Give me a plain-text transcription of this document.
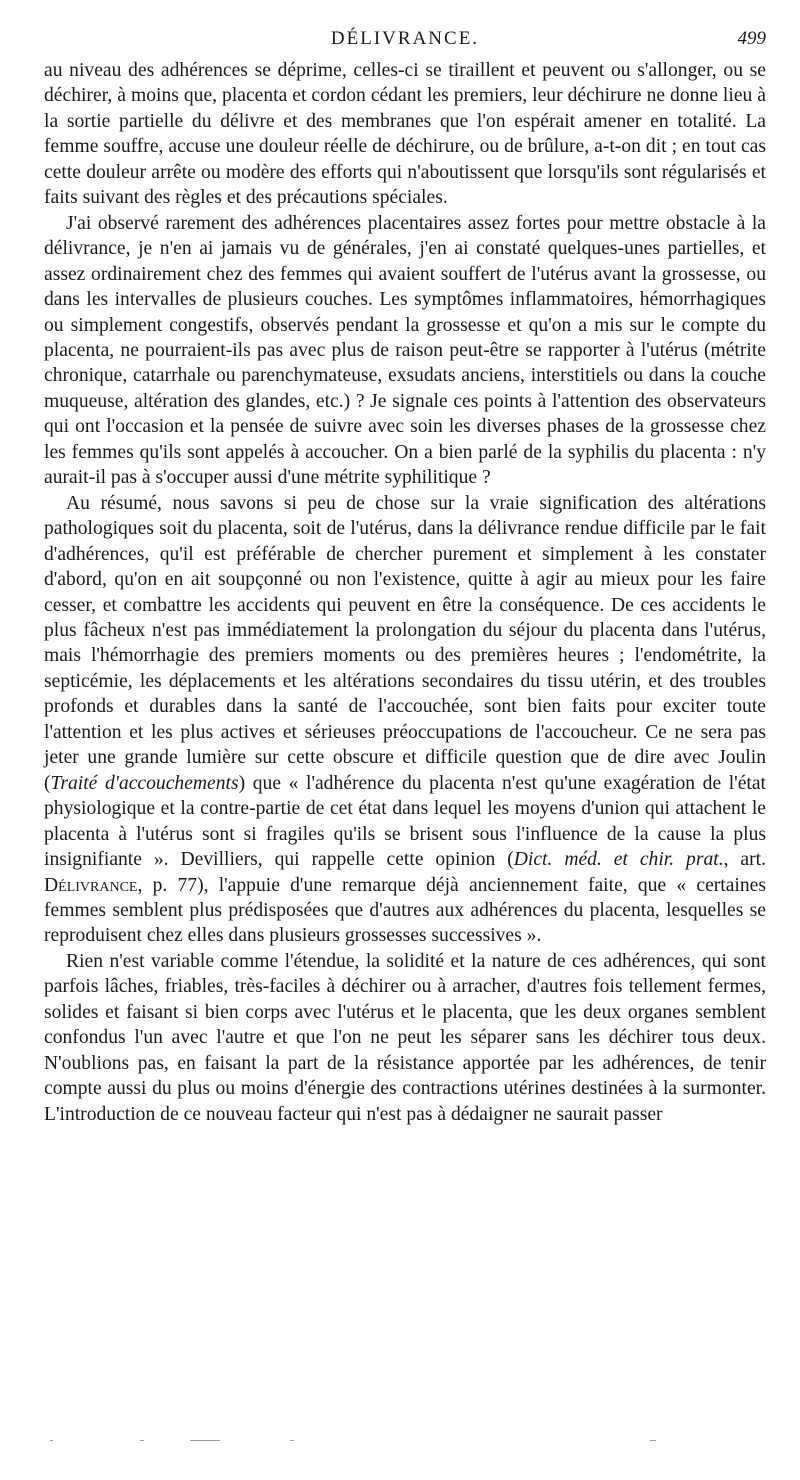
DÉLIVRANCE.	499

au niveau des adhérences se déprime, celles-ci se tiraillent et peuvent ou s'allonger, ou se déchirer, à moins que, placenta et cordon cédant les premiers, leur déchirure ne donne lieu à la sortie partielle du délivre et des membranes que l'on espérait amener en totalité. La femme souffre, accuse une douleur réelle de déchirure, ou de brûlure, a-t-on dit ; en tout cas cette douleur arrête ou modère des efforts qui n'aboutissent que lorsqu'ils sont régularisés et faits suivant des règles et des précautions spéciales.

J'ai observé rarement des adhérences placentaires assez fortes pour mettre obstacle à la délivrance, je n'en ai jamais vu de générales, j'en ai constaté quelques-unes partielles, et assez ordinairement chez des femmes qui avaient souffert de l'utérus avant la grossesse, ou dans les intervalles de plusieurs couches. Les symptômes inflammatoires, hémorrhagiques ou simplement congestifs, observés pendant la grossesse et qu'on a mis sur le compte du placenta, ne pourraient-ils pas avec plus de raison peut-être se rapporter à l'utérus (métrite chronique, catarrhale ou parenchymateuse, exsudats anciens, interstitiels ou dans la couche muqueuse, altération des glandes, etc.) ? Je signale ces points à l'attention des observateurs qui ont l'occasion et la pensée de suivre avec soin les diverses phases de la grossesse chez les femmes qu'ils sont appelés à accoucher. On a bien parlé de la syphilis du placenta : n'y aurait-il pas à s'occuper aussi d'une métrite syphilitique ?

Au résumé, nous savons si peu de chose sur la vraie signification des altérations pathologiques soit du placenta, soit de l'utérus, dans la délivrance rendue difficile par le fait d'adhérences, qu'il est préférable de chercher purement et simplement à les constater d'abord, qu'on en ait soupçonné ou non l'existence, quitte à agir au mieux pour les faire cesser, et combattre les accidents qui peuvent en être la conséquence. De ces accidents le plus fâcheux n'est pas immédiatement la prolongation du séjour du placenta dans l'utérus, mais l'hémorrhagie des premiers moments ou des premières heures ; l'endométrite, la septicémie, les déplacements et les altérations secondaires du tissu utérin, et des troubles profonds et durables dans la santé de l'accouchée, sont bien faits pour exciter toute l'attention et les plus actives et sérieuses préoccupations de l'accoucheur. Ce ne sera pas jeter une grande lumière sur cette obscure et difficile question que de dire avec Joulin (Traité d'accouchements) que « l'adhérence du placenta n'est qu'une exagération de l'état physiologique et la contre-partie de cet état dans lequel les moyens d'union qui attachent le placenta à l'utérus sont si fragiles qu'ils se brisent sous l'influence de la cause la plus insignifiante ». Devilliers, qui rappelle cette opinion (Dict. méd. et chir. prat., art. Délivrance, p. 77), l'appuie d'une remarque déjà anciennement faite, que « certaines femmes semblent plus prédisposées que d'autres aux adhérences du placenta, lesquelles se reproduisent chez elles dans plusieurs grossesses successives ».

Rien n'est variable comme l'étendue, la solidité et la nature de ces adhérences, qui sont parfois lâches, friables, très-faciles à déchirer ou à arracher, d'autres fois tellement fermes, solides et faisant si bien corps avec l'utérus et le placenta, que les deux organes semblent confondus l'un avec l'autre et que l'on ne peut les séparer sans les déchirer tous deux. N'oublions pas, en faisant la part de la résistance apportée par les adhérences, de tenir compte aussi du plus ou moins d'énergie des contractions utérines destinées à la surmonter. L'introduction de ce nouveau facteur qui n'est pas à dédaigner ne saurait passer
